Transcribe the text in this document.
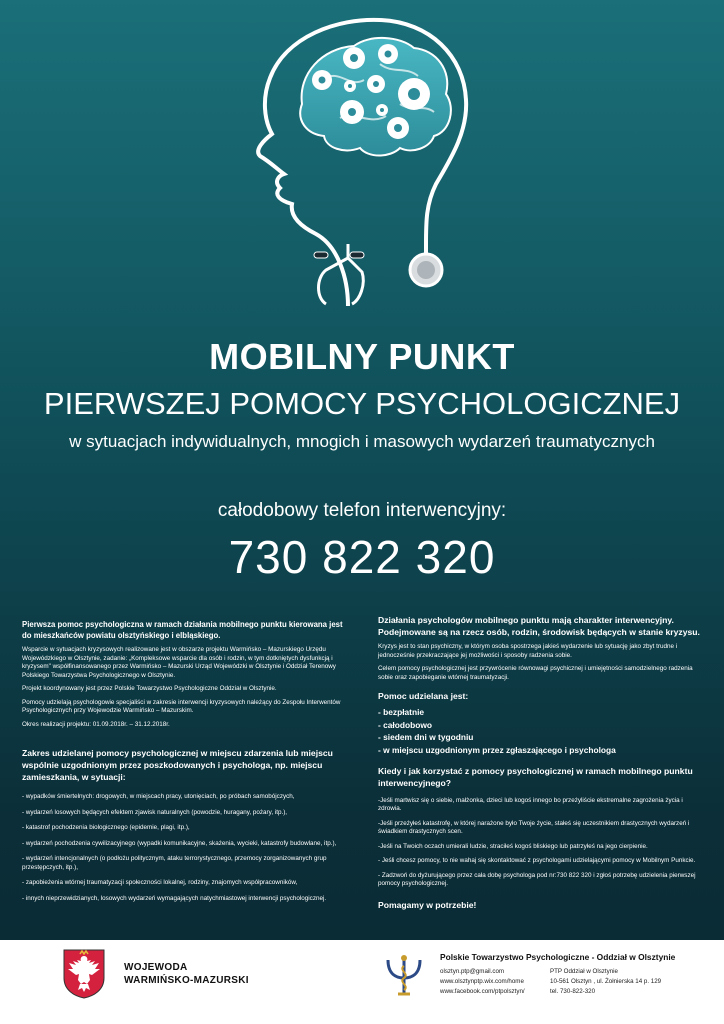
MOBILNY PUNKT
PIERWSZEJ POMOCY PSYCHOLOGICZNEJ
w sytuacjach indywidualnych, mnogich i masowych wydarzeń traumatycznych
całodobowy telefon interwencyjny:
730 822 320

Pierwsza pomoc psychologiczna w ramach działania mobilnego punktu kierowana jest do mieszkańców powiatu olsztyńskiego i elbląskiego.

Wsparcie w sytuacjach kryzysowych realizowane jest w obszarze projektu Warmińsko – Mazurskiego Urzędu Wojewódzkiego w Olsztynie, zadanie: „Kompleksowe wsparcie dla osób i rodzin, w tym dotkniętych dysfunkcją i kryzysem" współfinansowanego przez Warmińsko – Mazurski Urząd Wojewódzki w Olsztynie i Oddział Terenowy Polskiego Towarzystwa Psychologicznego w Olsztynie.

Projekt koordynowany jest przez Polskie Towarzystwo Psychologiczne Oddział w Olsztynie.

Pomocy udzielają psychologowie specjaliści w zakresie interwencji kryzysowych należący do Zespołu Interwentów Psychologicznych przy Wojewodzie Warmińsko – Mazurskim.

Okres realizacji projektu: 01.09.2018r. – 31.12.2018r.

Zakres udzielanej pomocy psychologicznej w miejscu zdarzenia lub miejscu wspólnie uzgodnionym przez poszkodowanych i psychologa, np. miejscu zamieszkania, w sytuacji:

- wypadków śmiertelnych: drogowych, w miejscach pracy, utonięciach, po próbach samobójczych,
- wydarzeń losowych będących efektem zjawisk naturalnych (powodzie, huragany, pożary, itp.),
- katastrof pochodzenia biologicznego (epidemie, plagi, itp.),
- wydarzeń pochodzenia cywilizacyjnego (wypadki komunikacyjne, skażenia, wycieki, katastrofy budowlane, itp.),
- wydarzeń intencjonalnych (o podłożu politycznym, ataku terrorystycznego, przemocy zorganizowanych grup przestępczych, itp.),
- zapobieżenia wtórnej traumatyzacji społeczności lokalnej, rodziny, znajomych współpracowników,
- innych nieprzewidzianych, losowych wydarzeń wymagających natychmiastowej interwencji psychologicznej.

Działania psychologów mobilnego punktu mają charakter interwencyjny. Podejmowane są na rzecz osób, rodzin, środowisk będących w stanie kryzysu.

Kryzys jest to stan psychiczny, w którym osoba spostrzega jakieś wydarzenie lub sytuację jako zbyt trudne i jednocześnie przekraczające jej możliwości i sposoby radzenia sobie.

Celem pomocy psychologicznej jest przywrócenie równowagi psychicznej i umiejętności samodzielnego radzenia sobie oraz zapobieganie wtórnej traumatyzacji.

Pomoc udzielana jest:

- bezpłatnie
- całodobowo
- siedem dni w tygodniu
- w miejscu uzgodnionym przez zgłaszającego i psychologa

Kiedy i jak korzystać z pomocy psychologicznej w ramach mobilnego punktu interwencyjnego?

-Jeśli martwisz się o siebie, małżonka, dzieci lub kogoś innego bo przeżyliście ekstremalne zagrożenia życia i zdrowia.
-Jeśli przeżyłeś katastrofę, w której narażone było Twoje życie, stałeś się uczestnikiem drastycznych wydarzeń i świadkiem drastycznych scen.
-Jeśli na Twoich oczach umierali ludzie, straciłeś kogoś bliskiego lub patrzyłeś na jego cierpienie.
- Jeśli chcesz pomocy, to nie wahaj się skontaktować z psychologami udzielającymi pomocy w Mobilnym Punkcie.
- Zadzwoń do dyżurującego przez cała dobę psychologa pod nr:730 822 320 i zgłoś potrzebę udzielenia pierwszej pomocy psychologicznej.

Pomagamy w potrzebie!

WOJEWODA
WARMIŃSKO-MAZURSKI
Polskie Towarzystwo Psychologiczne - Oddział w Olsztynie
olsztyn.ptp@gmail.com
www.olsztynptp.wix.com/home
www.facebook.com/ptpolsztyn/
PTP Oddział w Olsztynie
10-561 Olsztyn , ul. Żołnierska 14 p. 129
tel. 730-822-320
